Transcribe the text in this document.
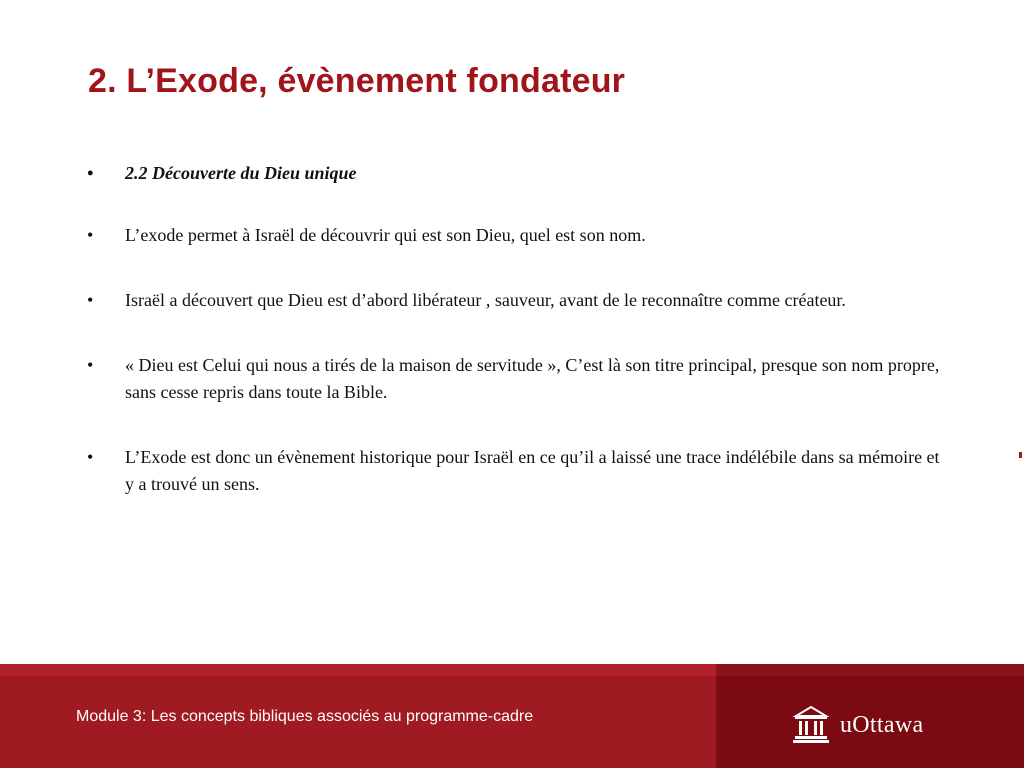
2. L’Exode, évènement fondateur
• 2.2 Découverte du Dieu unique
• L’exode permet à Israël de découvrir qui est son Dieu, quel est son nom.
• Israël a découvert que Dieu est d’abord libérateur , sauveur, avant de le reconnaître comme créateur.
• « Dieu est Celui qui nous a tirés de la maison de servitude », C’est là son titre principal, presque son nom propre, sans cesse repris dans toute la Bible.
• L’Exode est donc un évènement historique pour Israël en ce qu’il a laissé une trace indélébile dans sa mémoire et y a trouvé un sens.
Module 3: Les concepts bibliques associés au programme-cadre	uOttawa
